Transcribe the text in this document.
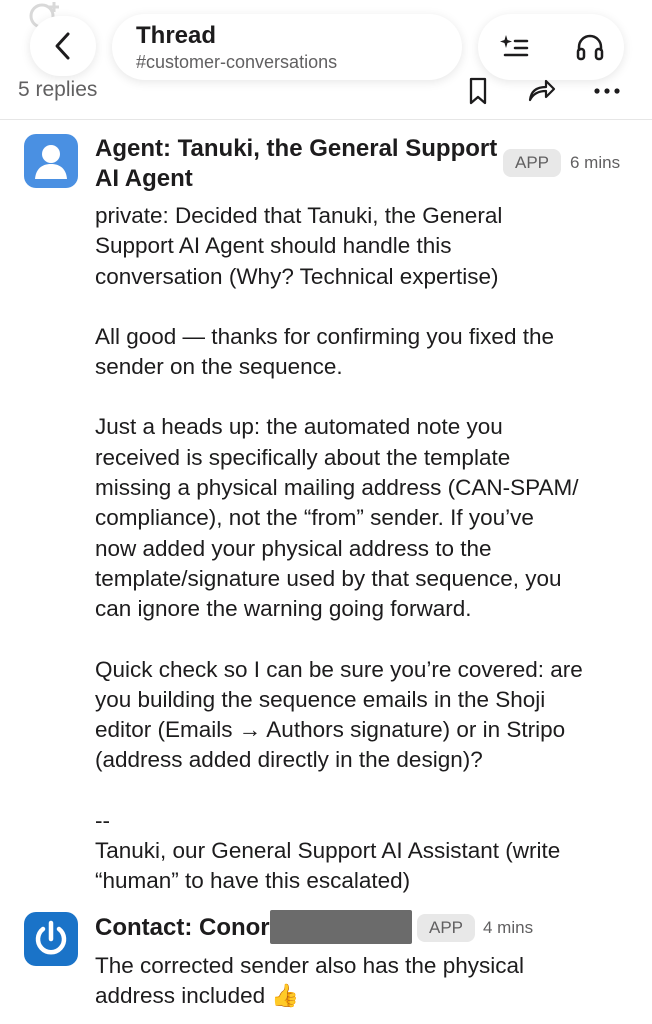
Thread
#customer-conversations
5 replies
Agent: Tanuki, the General Support
AI Agent
APP	6 mins

private: Decided that Tanuki, the General
Support AI Agent should handle this
conversation (Why? Technical expertise)

All good — thanks for confirming you fixed the
sender on the sequence.

Just a heads up: the automated note you
received is specifically about the template
missing a physical mailing address (CAN-SPAM/
compliance), not the “from” sender. If you’ve
now added your physical address to the
template/signature used by that sequence, you
can ignore the warning going forward.

Quick check so I can be sure you’re covered: are
you building the sequence emails in the Shoji
editor (Emails → Authors signature) or in Stripo
(address added directly in the design)?

--
Tanuki, our General Support AI Assistant (write
“human” to have this escalated)

Contact: Conor	APP	4 mins

The corrected sender also has the physical
address included 👍
